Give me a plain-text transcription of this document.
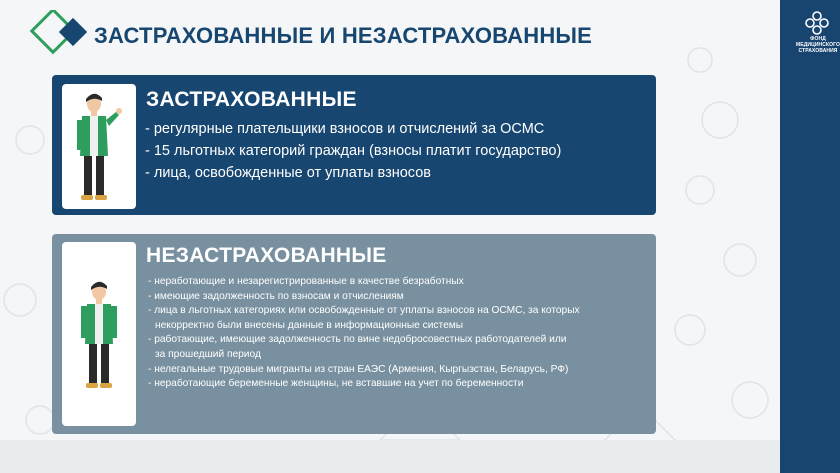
ФОНД
МЕДИЦИНСКОГО
СТРАХОВАНИЯ
ЗАСТРАХОВАННЫЕ И НЕЗАСТРАХОВАННЫЕ
ЗАСТРАХОВАННЫЕ
- регулярные плательщики взносов и отчислений за ОСМС
- 15 льготных категорий граждан (взносы платит государство)
- лица, освобожденные от уплаты взносов
НЕЗАСТРАХОВАННЫЕ
- неработающие и незарегистрированные в качестве безработных
- имеющие задолженность по взносам и отчислениям
- лица в льготных категориях или освобожденные от уплаты взносов на ОСМС, за которых
некорректно были внесены данные в информационные системы
- работающие, имеющие задолженность по вине недобросовестных работодателей или
за прошедший период
- нелегальные трудовые мигранты из стран ЕАЭС (Армения, Кыргызстан, Беларусь, РФ)
- неработающие беременные женщины, не вставшие на учет по беременности
